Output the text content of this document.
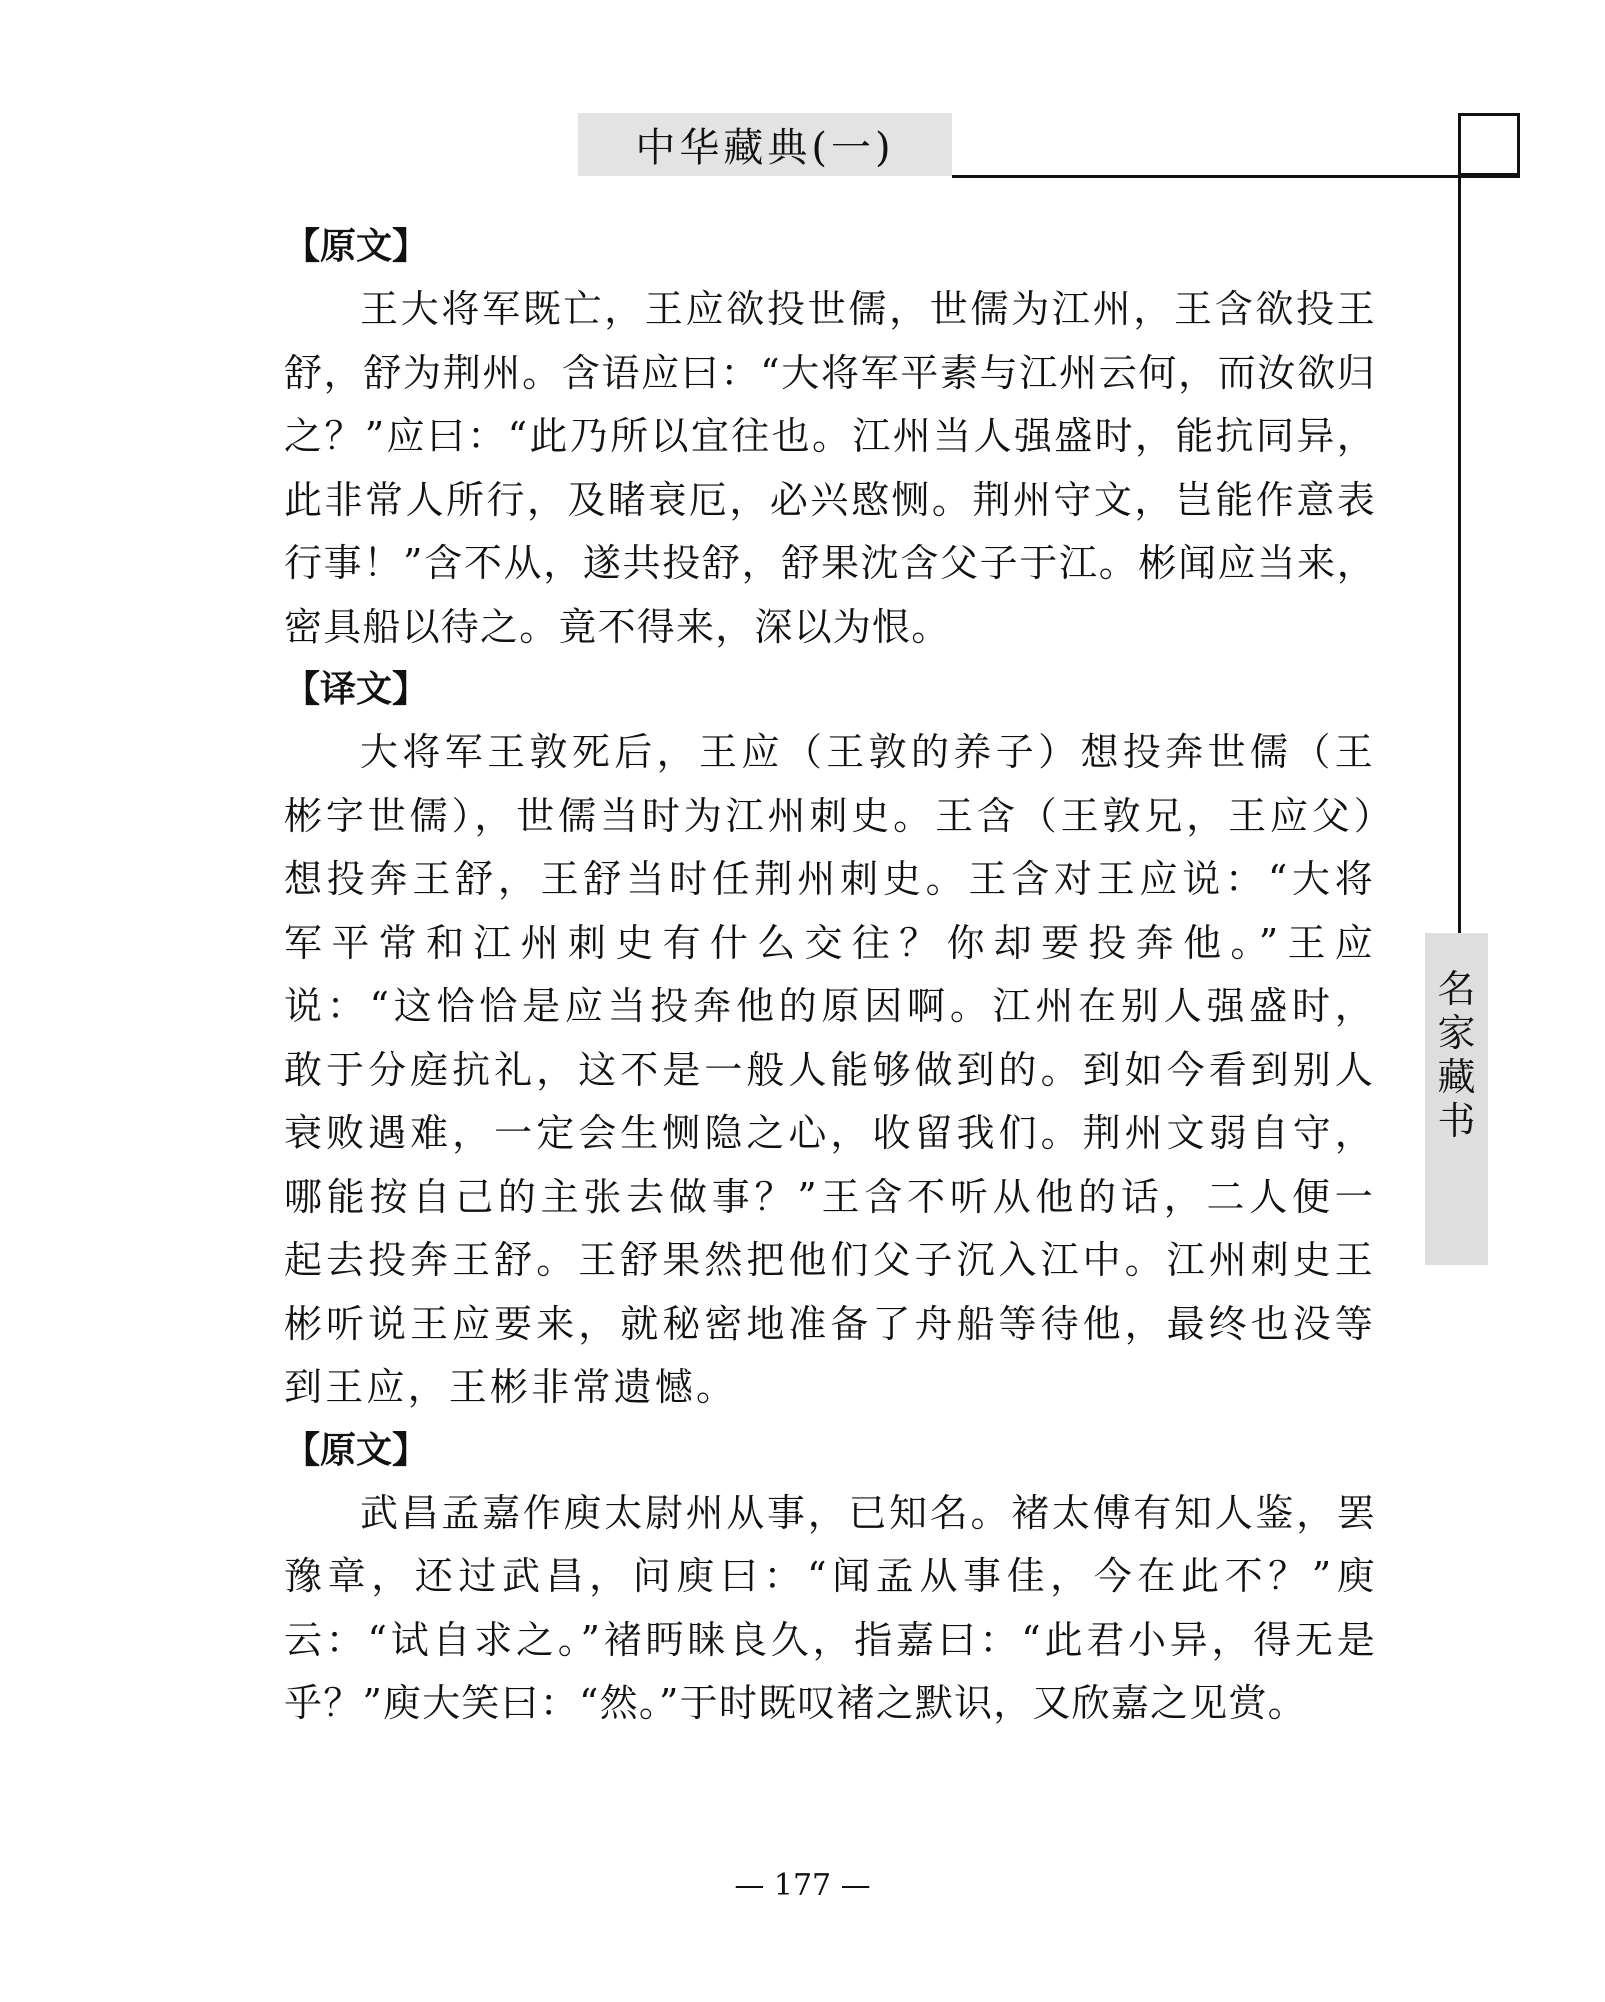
中华藏典(一)
名
家
藏
书

【原文】

王大将军既亡，王应欲投世儒，世儒为江州，王含欲投王舒，舒为荆州。含语应曰：“大将军平素与江州云何，而汝欲归之？”应曰：“此乃所以宜往也。江州当人强盛时，能抗同异，此非常人所行，及睹衰厄，必兴愍恻。荆州守文，岂能作意表行事！”含不从，遂共投舒，舒果沈含父子于江。彬闻应当来，密具船以待之。竟不得来，深以为恨。

【译文】

大将军王敦死后，王应（王敦的养子）想投奔世儒（王彬字世儒），世儒当时为江州刺史。王含（王敦兄，王应父）想投奔王舒，王舒当时任荆州刺史。王含对王应说：“大将军平常和江州刺史有什么交往？你却要投奔他。”王应说：“这恰恰是应当投奔他的原因啊。江州在别人强盛时，敢于分庭抗礼，这不是一般人能够做到的。到如今看到别人衰败遇难，一定会生恻隐之心，收留我们。荆州文弱自守，哪能按自己的主张去做事？”王含不听从他的话，二人便一起去投奔王舒。王舒果然把他们父子沉入江中。江州刺史王彬听说王应要来，就秘密地准备了舟船等待他，最终也没等到王应，王彬非常遗憾。

【原文】

武昌孟嘉作庾太尉州从事，已知名。褚太傅有知人鉴，罢豫章，还过武昌，问庾曰：“闻孟从事佳，今在此不？”庾云：“试自求之。”褚眄睐良久，指嘉曰：“此君小异，得无是乎？”庾大笑曰：“然。”于时既叹褚之默识，又欣嘉之见赏。

— 177 —
